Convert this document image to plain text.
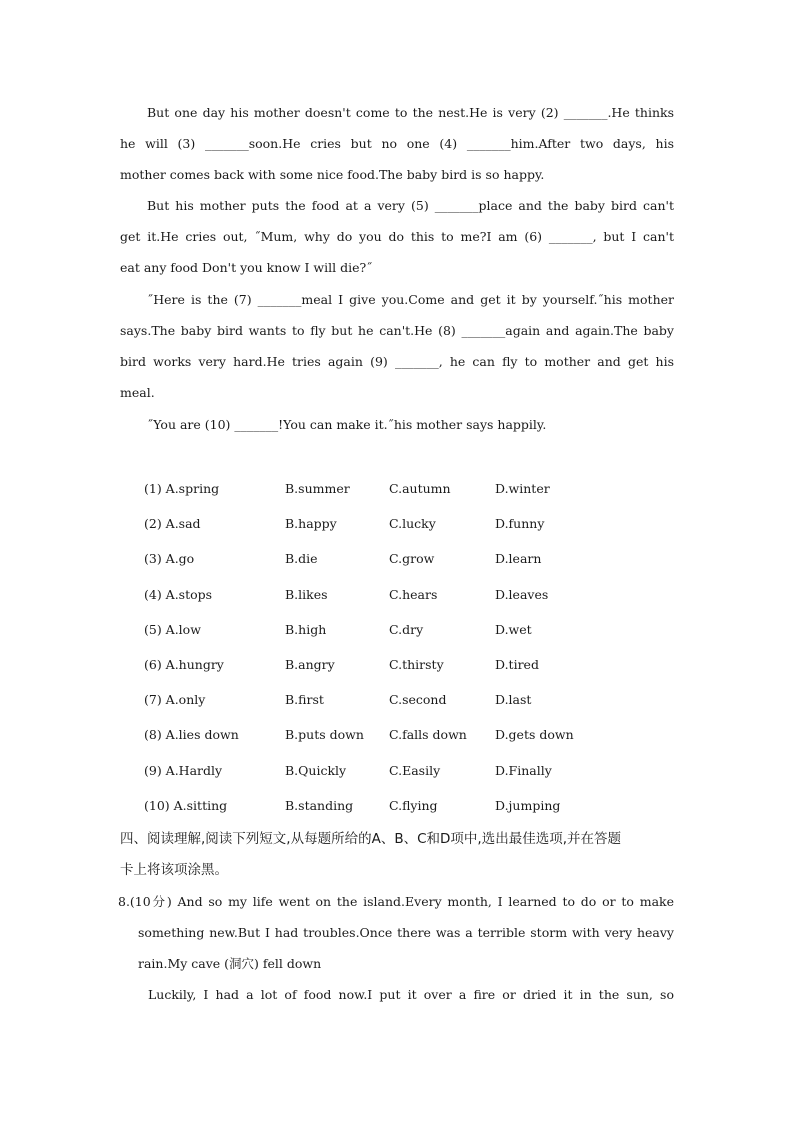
But one day his mother doesn't come to the nest.He is very (2) _______.He thinks
he will (3) _______soon.He cries but no one (4) _______him.After two days, his
mother comes back with some nice food.The baby bird is so happy.
But his mother puts the food at a very (5) _______place and the baby bird can't
get it.He cries out, ˝Mum, why do you do this to me?I am (6) _______, but I can't
eat any food Don't you know I will die?˝
˝Here is the (7) _______meal I give you.Come and get it by yourself.˝his mother
says.The baby bird wants to fly but he can't.He (8) _______again and again.The baby
bird works very hard.He tries again (9) _______, he can fly to mother and get his
meal.
˝You are (10) _______!You can make it.˝his mother says happily.
(1) A.spring	B.summer	C.autumn	D.winter
(2) A.sad	B.happy	C.lucky	D.funny
(3) A.go	B.die	C.grow	D.learn
(4) A.stops	B.likes	C.hears	D.leaves
(5) A.low	B.high	C.dry	D.wet
(6) A.hungry	B.angry	C.thirsty	D.tired
(7) A.only	B.first	C.second	D.last
(8) A.lies down	B.puts down	C.falls down	D.gets down
(9) A.Hardly	B.Quickly	C.Easily	D.Finally
(10) A.sitting	B.standing	C.flying	D.jumping
四、阅读理解,阅读下列短文,从每题所给的A、B、C和D项中,选出最佳选项,并在答题
卡上将该项涂黑。
8.(10分) And so my life went on the island.Every month, I learned to do or to make
something new.But I had troubles.Once there was a terrible storm with very heavy
rain.My cave (洞穴) fell down
Luckily, I had a lot of food now.I put it over a fire or dried it in the sun, so
